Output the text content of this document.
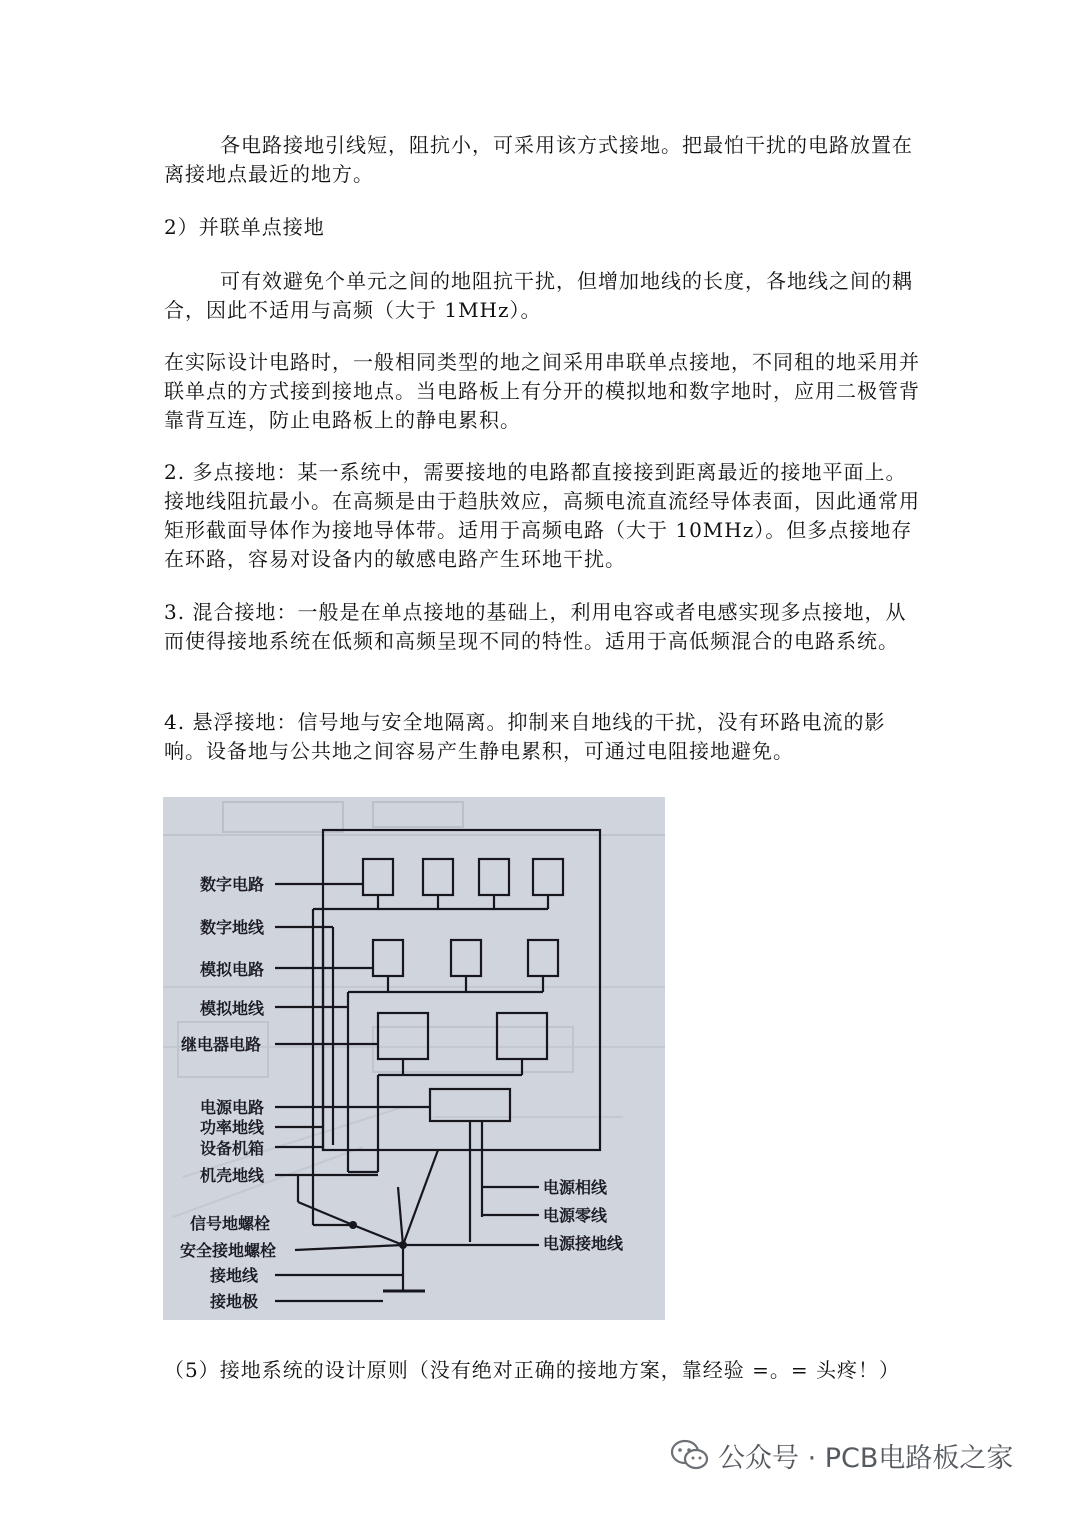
各电路接地引线短，阻抗小，可采用该方式接地。把最怕干扰的电路放置在离接地点最近的地方。

2）并联单点接地

可有效避免个单元之间的地阻抗干扰，但增加地线的长度，各地线之间的耦合，因此不适用与高频（大于 1MHz）。

在实际设计电路时，一般相同类型的地之间采用串联单点接地，不同租的地采用并联单点的方式接到接地点。当电路板上有分开的模拟地和数字地时，应用二极管背靠背互连，防止电路板上的静电累积。

2. 多点接地：某一系统中，需要接地的电路都直接接到距离最近的接地平面上。接地线阻抗最小。在高频是由于趋肤效应，高频电流直流经导体表面，因此通常用矩形截面导体作为接地导体带。适用于高频电路（大于 10MHz）。但多点接地存在环路，容易对设备内的敏感电路产生环地干扰。

3. 混合接地：一般是在单点接地的基础上，利用电容或者电感实现多点接地，从而使得接地系统在低频和高频呈现不同的特性。适用于高低频混合的电路系统。

4. 悬浮接地：信号地与安全地隔离。抑制来自地线的干扰，没有环路电流的影响。设备地与公共地之间容易产生静电累积，可通过电阻接地避免。

数字电路
数字地线
模拟电路
模拟地线
继电器电路
电源电路
功率地线
设备机箱
机壳地线
信号地螺栓
安全接地螺栓
接地线
接地极
电源相线
电源零线
电源接地线

（5）接地系统的设计原则（没有绝对正确的接地方案，靠经验 =。= 头疼！）

公众号 · PCB电路板之家
